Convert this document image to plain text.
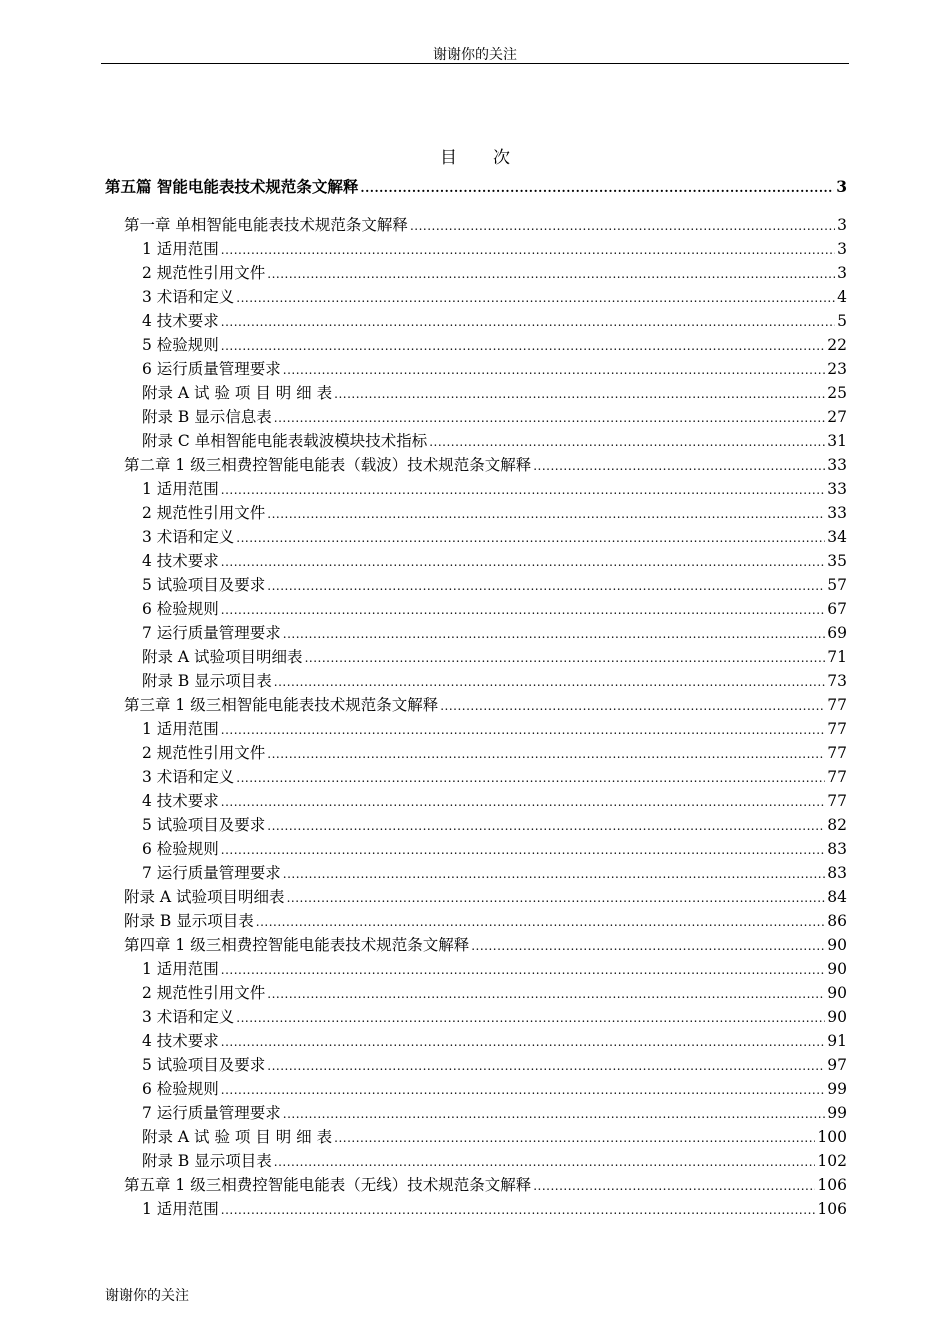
谢谢你的关注
目 次
第五篇 智能电能表技术规范条文解释 .....	3
第一章 单相智能电能表技术规范条文解释 .....	3
1 适用范围 .....	3
2 规范性引用文件 .....	3
3 术语和定义 .....	4
4 技术要求 .....	5
5 检验规则 .....	22
6 运行质量管理要求 .....	23
附录 A 试 验 项 目 明 细 表 .....	25
附录 B 显示信息表 .....	27
附录 C 单相智能电能表载波模块技术指标 .....	31
第二章 1 级三相费控智能电能表（载波）技术规范条文解释 .....	33
1 适用范围 .....	33
2 规范性引用文件 .....	33
3 术语和定义 .....	34
4 技术要求 .....	35
5 试验项目及要求 .....	57
6 检验规则 .....	67
7 运行质量管理要求 .....	69
附录 A 试验项目明细表 .....	71
附录 B 显示项目表 .....	73
第三章 1 级三相智能电能表技术规范条文解释 .....	77
1 适用范围 .....	77
2 规范性引用文件 .....	77
3 术语和定义 .....	77
4 技术要求 .....	77
5 试验项目及要求 .....	82
6 检验规则 .....	83
7 运行质量管理要求 .....	83
附录 A 试验项目明细表 .....	84
附录 B 显示项目表 .....	86
第四章 1 级三相费控智能电能表技术规范条文解释 .....	90
1 适用范围 .....	90
2 规范性引用文件 .....	90
3 术语和定义 .....	90
4 技术要求 .....	91
5 试验项目及要求 .....	97
6 检验规则 .....	99
7 运行质量管理要求 .....	99
附录 A 试 验 项 目 明 细 表 .....	100
附录 B 显示项目表 .....	102
第五章 1 级三相费控智能电能表（无线）技术规范条文解释 .....	106
1 适用范围 .....	106
谢谢你的关注
